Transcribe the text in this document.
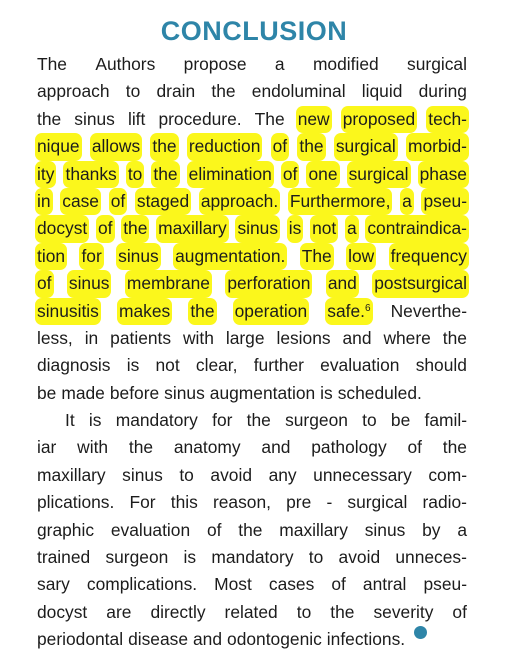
CONCLUSION
The Authors propose a modified surgical
approach to drain the endoluminal liquid during
the sinus lift procedure. The new proposed tech-
nique allows the reduction of the surgical morbid-
ity thanks to the elimination of one surgical phase
in case of staged approach. Furthermore, a pseu-
docyst of the maxillary sinus is not a contraindica-
tion for sinus augmentation. The low frequency
of sinus membrane perforation and postsurgical
sinusitis makes the operation safe.$^6$ Neverthe-
less, in patients with large lesions and where the
diagnosis is not clear, further evaluation should
be made before sinus augmentation is scheduled.
It is mandatory for the surgeon to be famil-
iar with the anatomy and pathology of the
maxillary sinus to avoid any unnecessary com-
plications. For this reason, pre - surgical radio-
graphic evaluation of the maxillary sinus by a
trained surgeon is mandatory to avoid unneces-
sary complications. Most cases of antral pseu-
docyst are directly related to the severity of
periodontal disease and odontogenic infections.
